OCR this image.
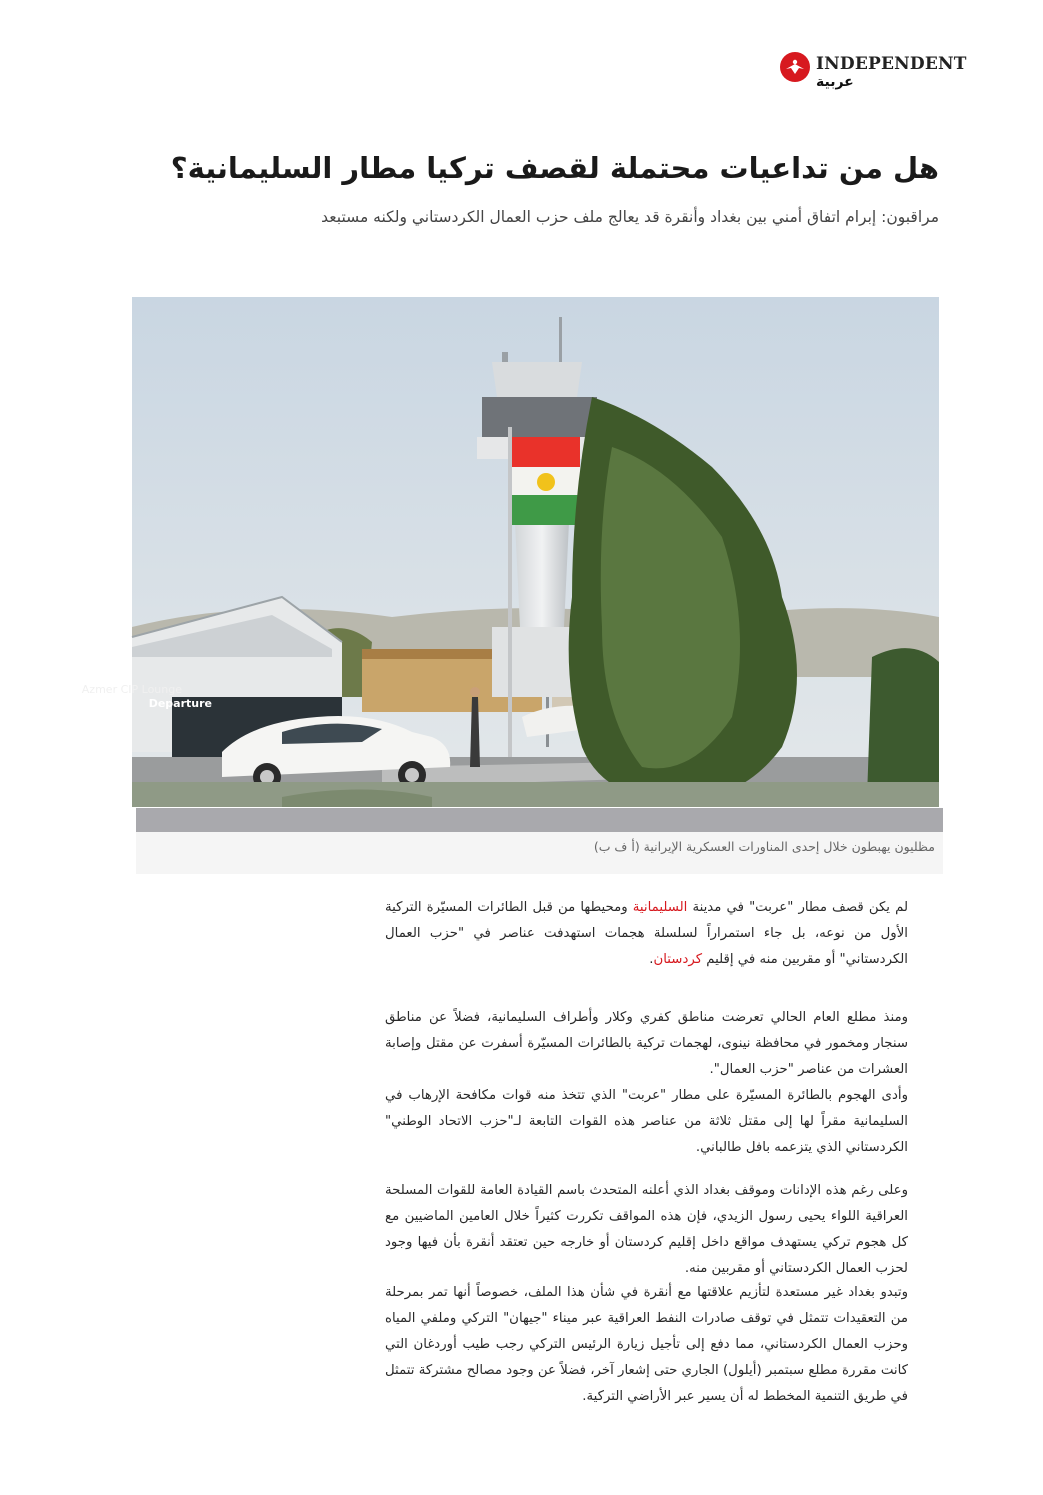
INDEPENDENT
عربية
هل من تداعيات محتملة لقصف تركيا مطار السليمانية؟

مراقبون: إبرام اتفاق أمني بين بغداد وأنقرة قد يعالج ملف حزب العمال الكردستاني ولكنه مستبعد

Azmer CIP Lounge
Departure
مظليون يهبطون خلال إحدى المناورات العسكرية الإيرانية (أ ف ب)

لم يكن قصف مطار "عربت" في مدينة السليمانية ومحيطها من قبل الطائرات المسيّرة التركية الأول من نوعه، بل جاء استمراراً لسلسلة هجمات استهدفت عناصر في "حزب العمال الكردستاني" أو مقربين منه في إقليم كردستان.

ومنذ مطلع العام الحالي تعرضت مناطق كفري وكلار وأطراف السليمانية، فضلاً عن مناطق سنجار ومخمور في محافظة نينوى، لهجمات تركية بالطائرات المسيّرة أسفرت عن مقتل وإصابة العشرات من عناصر "حزب العمال".

وأدى الهجوم بالطائرة المسيّرة على مطار "عربت" الذي تتخذ منه قوات مكافحة الإرهاب في السليمانية مقراً لها إلى مقتل ثلاثة من عناصر هذه القوات التابعة لـ"حزب الاتحاد الوطني" الكردستاني الذي يتزعمه بافل طالباني.

وعلى رغم هذه الإدانات وموقف بغداد الذي أعلنه المتحدث باسم القيادة العامة للقوات المسلحة العراقية اللواء يحيى رسول الزيدي، فإن هذه المواقف تكررت كثيراً خلال العامين الماضيين مع كل هجوم تركي يستهدف مواقع داخل إقليم كردستان أو خارجه حين تعتقد أنقرة بأن فيها وجود لحزب العمال الكردستاني أو مقربين منه.

وتبدو بغداد غير مستعدة لتأزيم علاقتها مع أنقرة في شأن هذا الملف، خصوصاً أنها تمر بمرحلة من التعقيدات تتمثل في توقف صادرات النفط العراقية عبر ميناء "جيهان" التركي وملفي المياه وحزب العمال الكردستاني، مما دفع إلى تأجيل زيارة الرئيس التركي رجب طيب أوردغان التي كانت مقررة مطلع سبتمبر (أيلول) الجاري حتى إشعار آخر، فضلاً عن وجود مصالح مشتركة تتمثل في طريق التنمية المخطط له أن يسير عبر الأراضي التركية.
